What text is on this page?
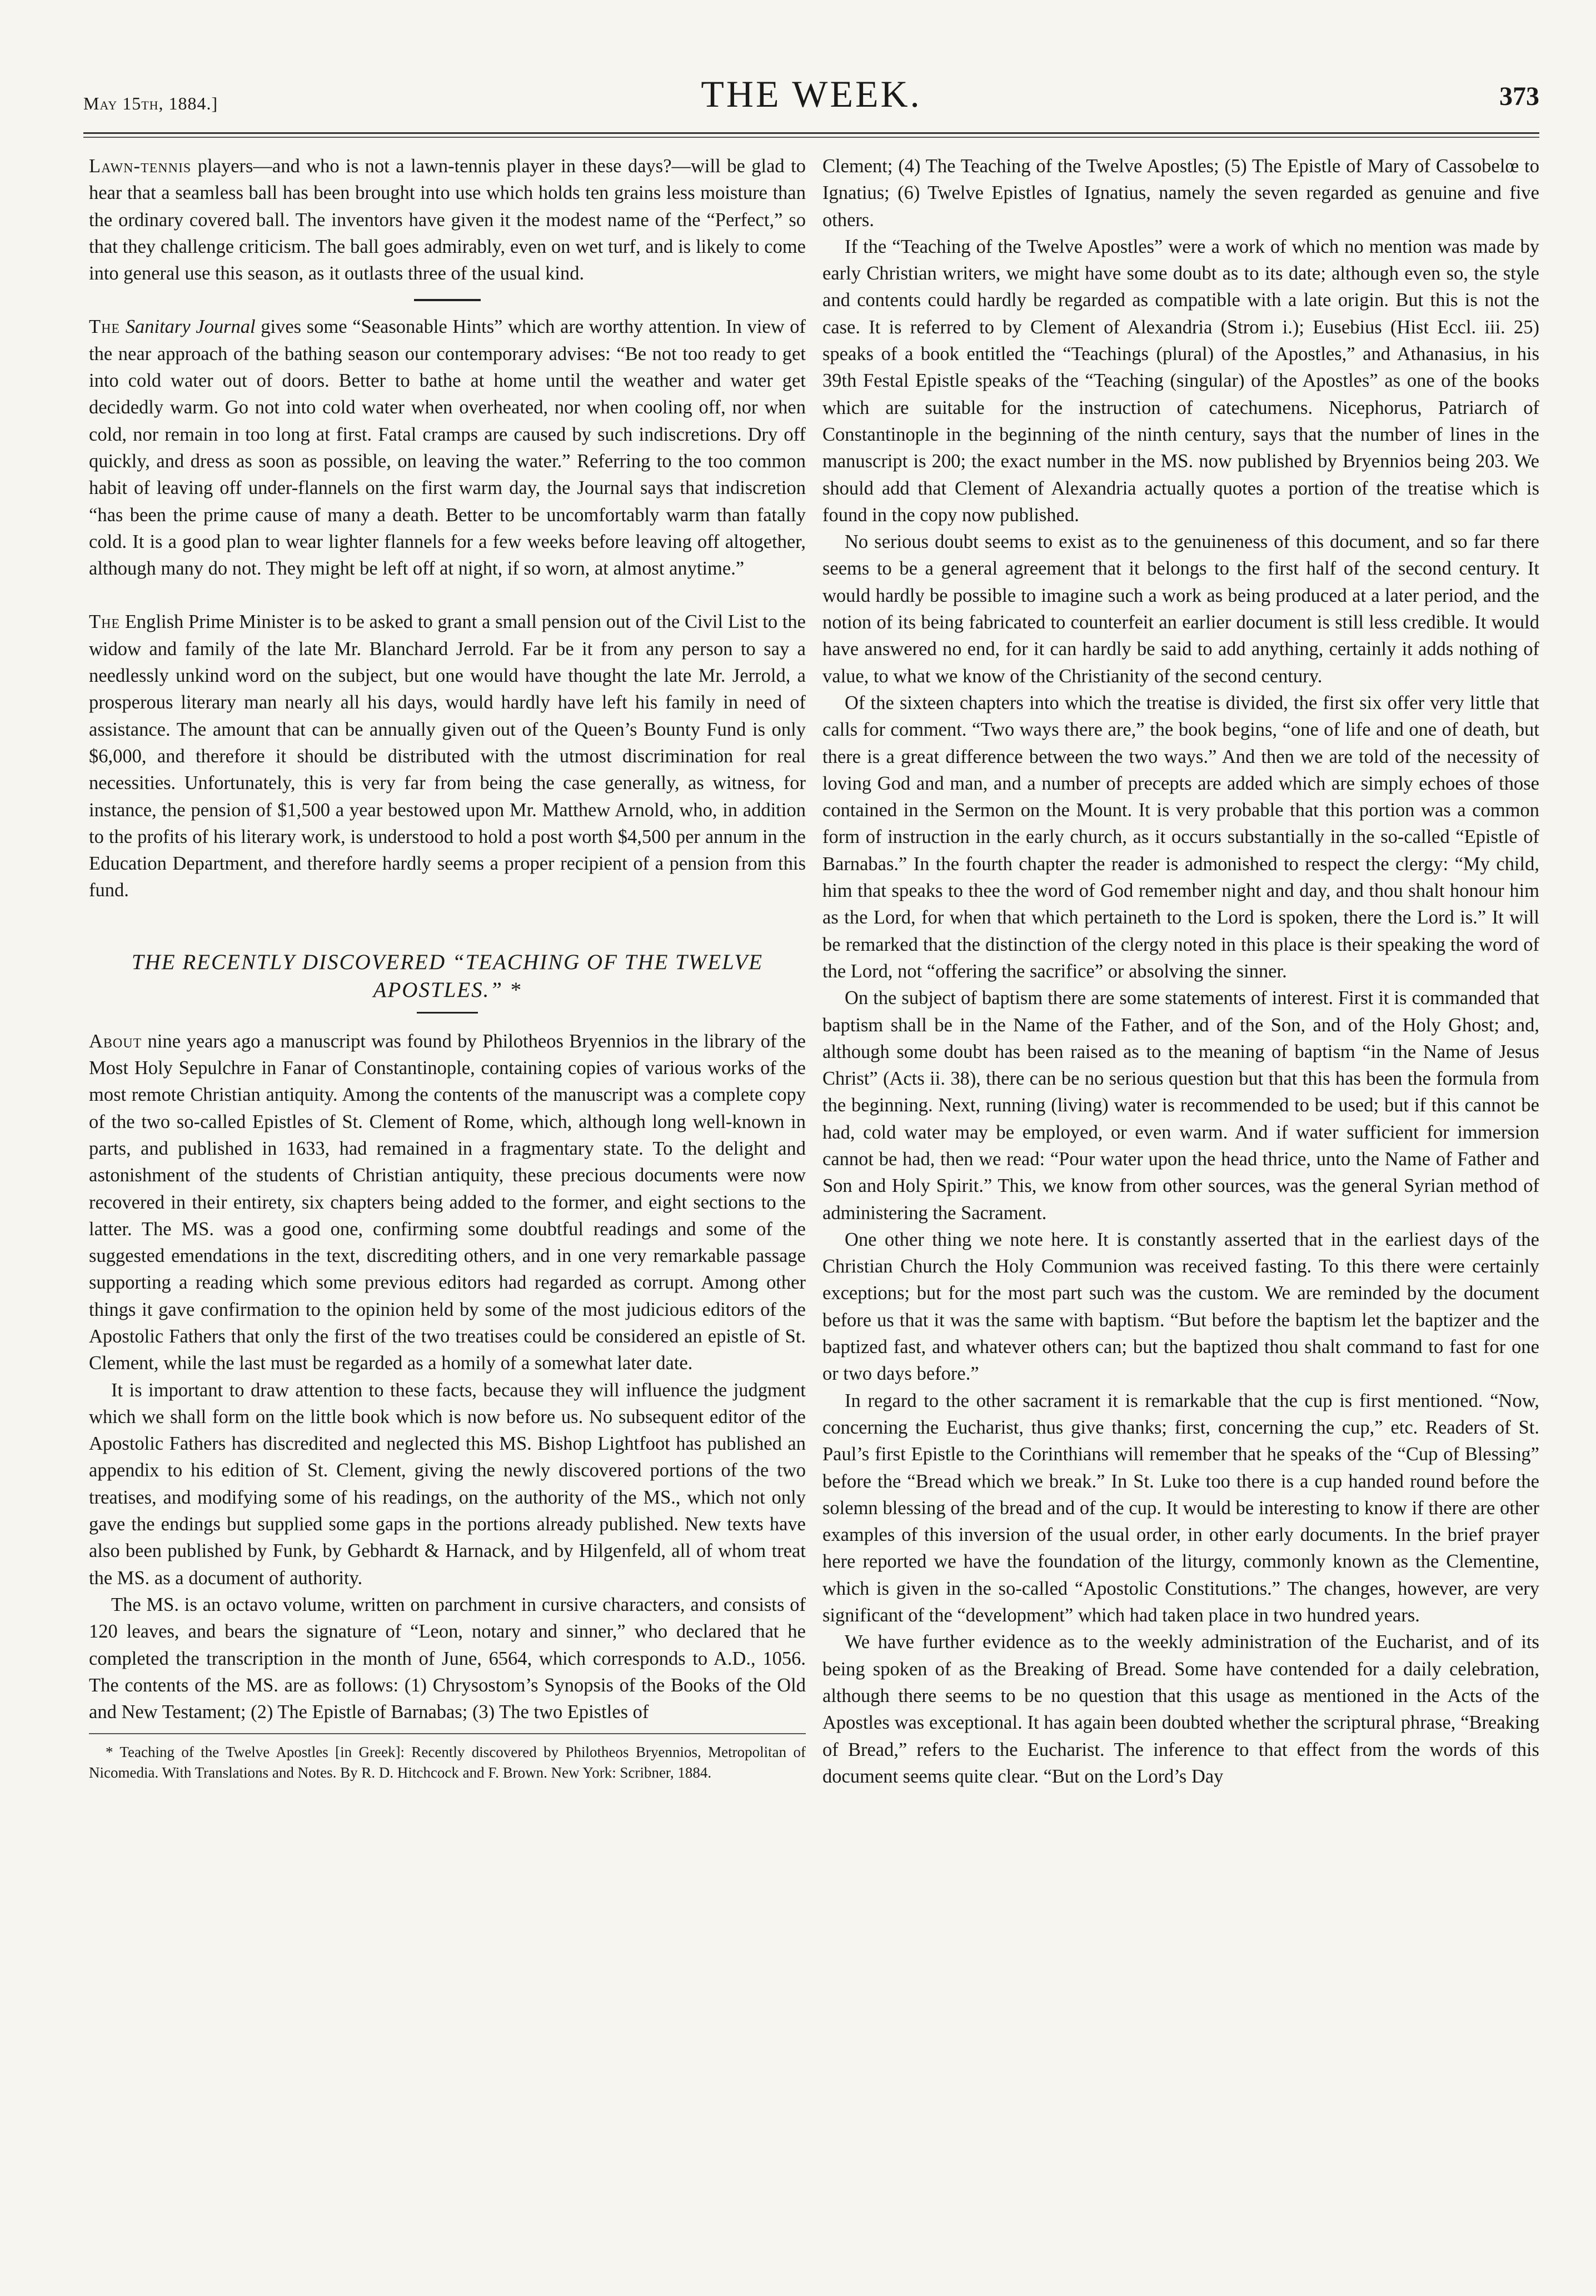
May 15th, 1884.]	THE WEEK.	373

Lawn-tennis players—and who is not a lawn-tennis player in these days?—will be glad to hear that a seamless ball has been brought into use which holds ten grains less moisture than the ordinary covered ball. The inventors have given it the modest name of the “Perfect,” so that they challenge criticism. The ball goes admirably, even on wet turf, and is likely to come into general use this season, as it outlasts three of the usual kind.

The Sanitary Journal gives some “Seasonable Hints” which are worthy attention. In view of the near approach of the bathing season our contemporary advises: “Be not too ready to get into cold water out of doors. Better to bathe at home until the weather and water get decidedly warm. Go not into cold water when overheated, nor when cooling off, nor when cold, nor remain in too long at first. Fatal cramps are caused by such indiscretions. Dry off quickly, and dress as soon as possible, on leaving the water.” Referring to the too common habit of leaving off under-flannels on the first warm day, the Journal says that indiscretion “has been the prime cause of many a death. Better to be uncomfortably warm than fatally cold. It is a good plan to wear lighter flannels for a few weeks before leaving off altogether, although many do not. They might be left off at night, if so worn, at almost anytime.”

The English Prime Minister is to be asked to grant a small pension out of the Civil List to the widow and family of the late Mr. Blanchard Jerrold. Far be it from any person to say a needlessly unkind word on the subject, but one would have thought the late Mr. Jerrold, a prosperous literary man nearly all his days, would hardly have left his family in need of assistance. The amount that can be annually given out of the Queen’s Bounty Fund is only $6,000, and therefore it should be distributed with the utmost discrimination for real necessities. Unfortunately, this is very far from being the case generally, as witness, for instance, the pension of $1,500 a year bestowed upon Mr. Matthew Arnold, who, in addition to the profits of his literary work, is understood to hold a post worth $4,500 per annum in the Education Department, and therefore hardly seems a proper recipient of a pension from this fund.

THE RECENTLY DISCOVERED “TEACHING OF THE TWELVE APOSTLES.” *

About nine years ago a manuscript was found by Philotheos Bryennios in the library of the Most Holy Sepulchre in Fanar of Constantinople, containing copies of various works of the most remote Christian antiquity. Among the contents of the manuscript was a complete copy of the two so-called Epistles of St. Clement of Rome, which, although long well-known in parts, and published in 1633, had remained in a fragmentary state. To the delight and astonishment of the students of Christian antiquity, these precious documents were now recovered in their entirety, six chapters being added to the former, and eight sections to the latter. The MS. was a good one, confirming some doubtful readings and some of the suggested emendations in the text, discrediting others, and in one very remarkable passage supporting a reading which some previous editors had regarded as corrupt. Among other things it gave confirmation to the opinion held by some of the most judicious editors of the Apostolic Fathers that only the first of the two treatises could be considered an epistle of St. Clement, while the last must be regarded as a homily of a somewhat later date.

It is important to draw attention to these facts, because they will influence the judgment which we shall form on the little book which is now before us. No subsequent editor of the Apostolic Fathers has discredited and neglected this MS. Bishop Lightfoot has published an appendix to his edition of St. Clement, giving the newly discovered portions of the two treatises, and modifying some of his readings, on the authority of the MS., which not only gave the endings but supplied some gaps in the portions already published. New texts have also been published by Funk, by Gebhardt & Harnack, and by Hilgenfeld, all of whom treat the MS. as a document of authority.

The MS. is an octavo volume, written on parchment in cursive characters, and consists of 120 leaves, and bears the signature of “Leon, notary and sinner,” who declared that he completed the transcription in the month of June, 6564, which corresponds to A.D., 1056. The contents of the MS. are as follows: (1) Chrysostom’s Synopsis of the Books of the Old and New Testament; (2) The Epistle of Barnabas; (3) The two Epistles of

* Teaching of the Twelve Apostles [in Greek]: Recently discovered by Philotheos Bryennios, Metropolitan of Nicomedia. With Translations and Notes. By R. D. Hitchcock and F. Brown. New York: Scribner, 1884.

Clement; (4) The Teaching of the Twelve Apostles; (5) The Epistle of Mary of Cassobelœ to Ignatius; (6) Twelve Epistles of Ignatius, namely the seven regarded as genuine and five others.

If the “Teaching of the Twelve Apostles” were a work of which no mention was made by early Christian writers, we might have some doubt as to its date; although even so, the style and contents could hardly be regarded as compatible with a late origin. But this is not the case. It is referred to by Clement of Alexandria (Strom i.); Eusebius (Hist Eccl. iii. 25) speaks of a book entitled the “Teachings (plural) of the Apostles,” and Athanasius, in his 39th Festal Epistle speaks of the “Teaching (singular) of the Apostles” as one of the books which are suitable for the instruction of catechumens. Nicephorus, Patriarch of Constantinople in the beginning of the ninth century, says that the number of lines in the manuscript is 200; the exact number in the MS. now published by Bryennios being 203. We should add that Clement of Alexandria actually quotes a portion of the treatise which is found in the copy now published.

No serious doubt seems to exist as to the genuineness of this document, and so far there seems to be a general agreement that it belongs to the first half of the second century. It would hardly be possible to imagine such a work as being produced at a later period, and the notion of its being fabricated to counterfeit an earlier document is still less credible. It would have answered no end, for it can hardly be said to add anything, certainly it adds nothing of value, to what we know of the Christianity of the second century.

Of the sixteen chapters into which the treatise is divided, the first six offer very little that calls for comment. “Two ways there are,” the book begins, “one of life and one of death, but there is a great difference between the two ways.” And then we are told of the necessity of loving God and man, and a number of precepts are added which are simply echoes of those contained in the Sermon on the Mount. It is very probable that this portion was a common form of instruction in the early church, as it occurs substantially in the so-called “Epistle of Barnabas.” In the fourth chapter the reader is admonished to respect the clergy: “My child, him that speaks to thee the word of God remember night and day, and thou shalt honour him as the Lord, for when that which pertaineth to the Lord is spoken, there the Lord is.” It will be remarked that the distinction of the clergy noted in this place is their speaking the word of the Lord, not “offering the sacrifice” or absolving the sinner.

On the subject of baptism there are some statements of interest. First it is commanded that baptism shall be in the Name of the Father, and of the Son, and of the Holy Ghost; and, although some doubt has been raised as to the meaning of baptism “in the Name of Jesus Christ” (Acts ii. 38), there can be no serious question but that this has been the formula from the beginning. Next, running (living) water is recommended to be used; but if this cannot be had, cold water may be employed, or even warm. And if water sufficient for immersion cannot be had, then we read: “Pour water upon the head thrice, unto the Name of Father and Son and Holy Spirit.” This, we know from other sources, was the general Syrian method of administering the Sacrament.

One other thing we note here. It is constantly asserted that in the earliest days of the Christian Church the Holy Communion was received fasting. To this there were certainly exceptions; but for the most part such was the custom. We are reminded by the document before us that it was the same with baptism. “But before the baptism let the baptizer and the baptized fast, and whatever others can; but the baptized thou shalt command to fast for one or two days before.”

In regard to the other sacrament it is remarkable that the cup is first mentioned. “Now, concerning the Eucharist, thus give thanks; first, concerning the cup,” etc. Readers of St. Paul’s first Epistle to the Corinthians will remember that he speaks of the “Cup of Blessing” before the “Bread which we break.” In St. Luke too there is a cup handed round before the solemn blessing of the bread and of the cup. It would be interesting to know if there are other examples of this inversion of the usual order, in other early documents. In the brief prayer here reported we have the foundation of the liturgy, commonly known as the Clementine, which is given in the so-called “Apostolic Constitutions.” The changes, however, are very significant of the “development” which had taken place in two hundred years.

We have further evidence as to the weekly administration of the Eucharist, and of its being spoken of as the Breaking of Bread. Some have contended for a daily celebration, although there seems to be no question that this usage as mentioned in the Acts of the Apostles was exceptional. It has again been doubted whether the scriptural phrase, “Breaking of Bread,” refers to the Eucharist. The inference to that effect from the words of this document seems quite clear. “But on the Lord’s Day
